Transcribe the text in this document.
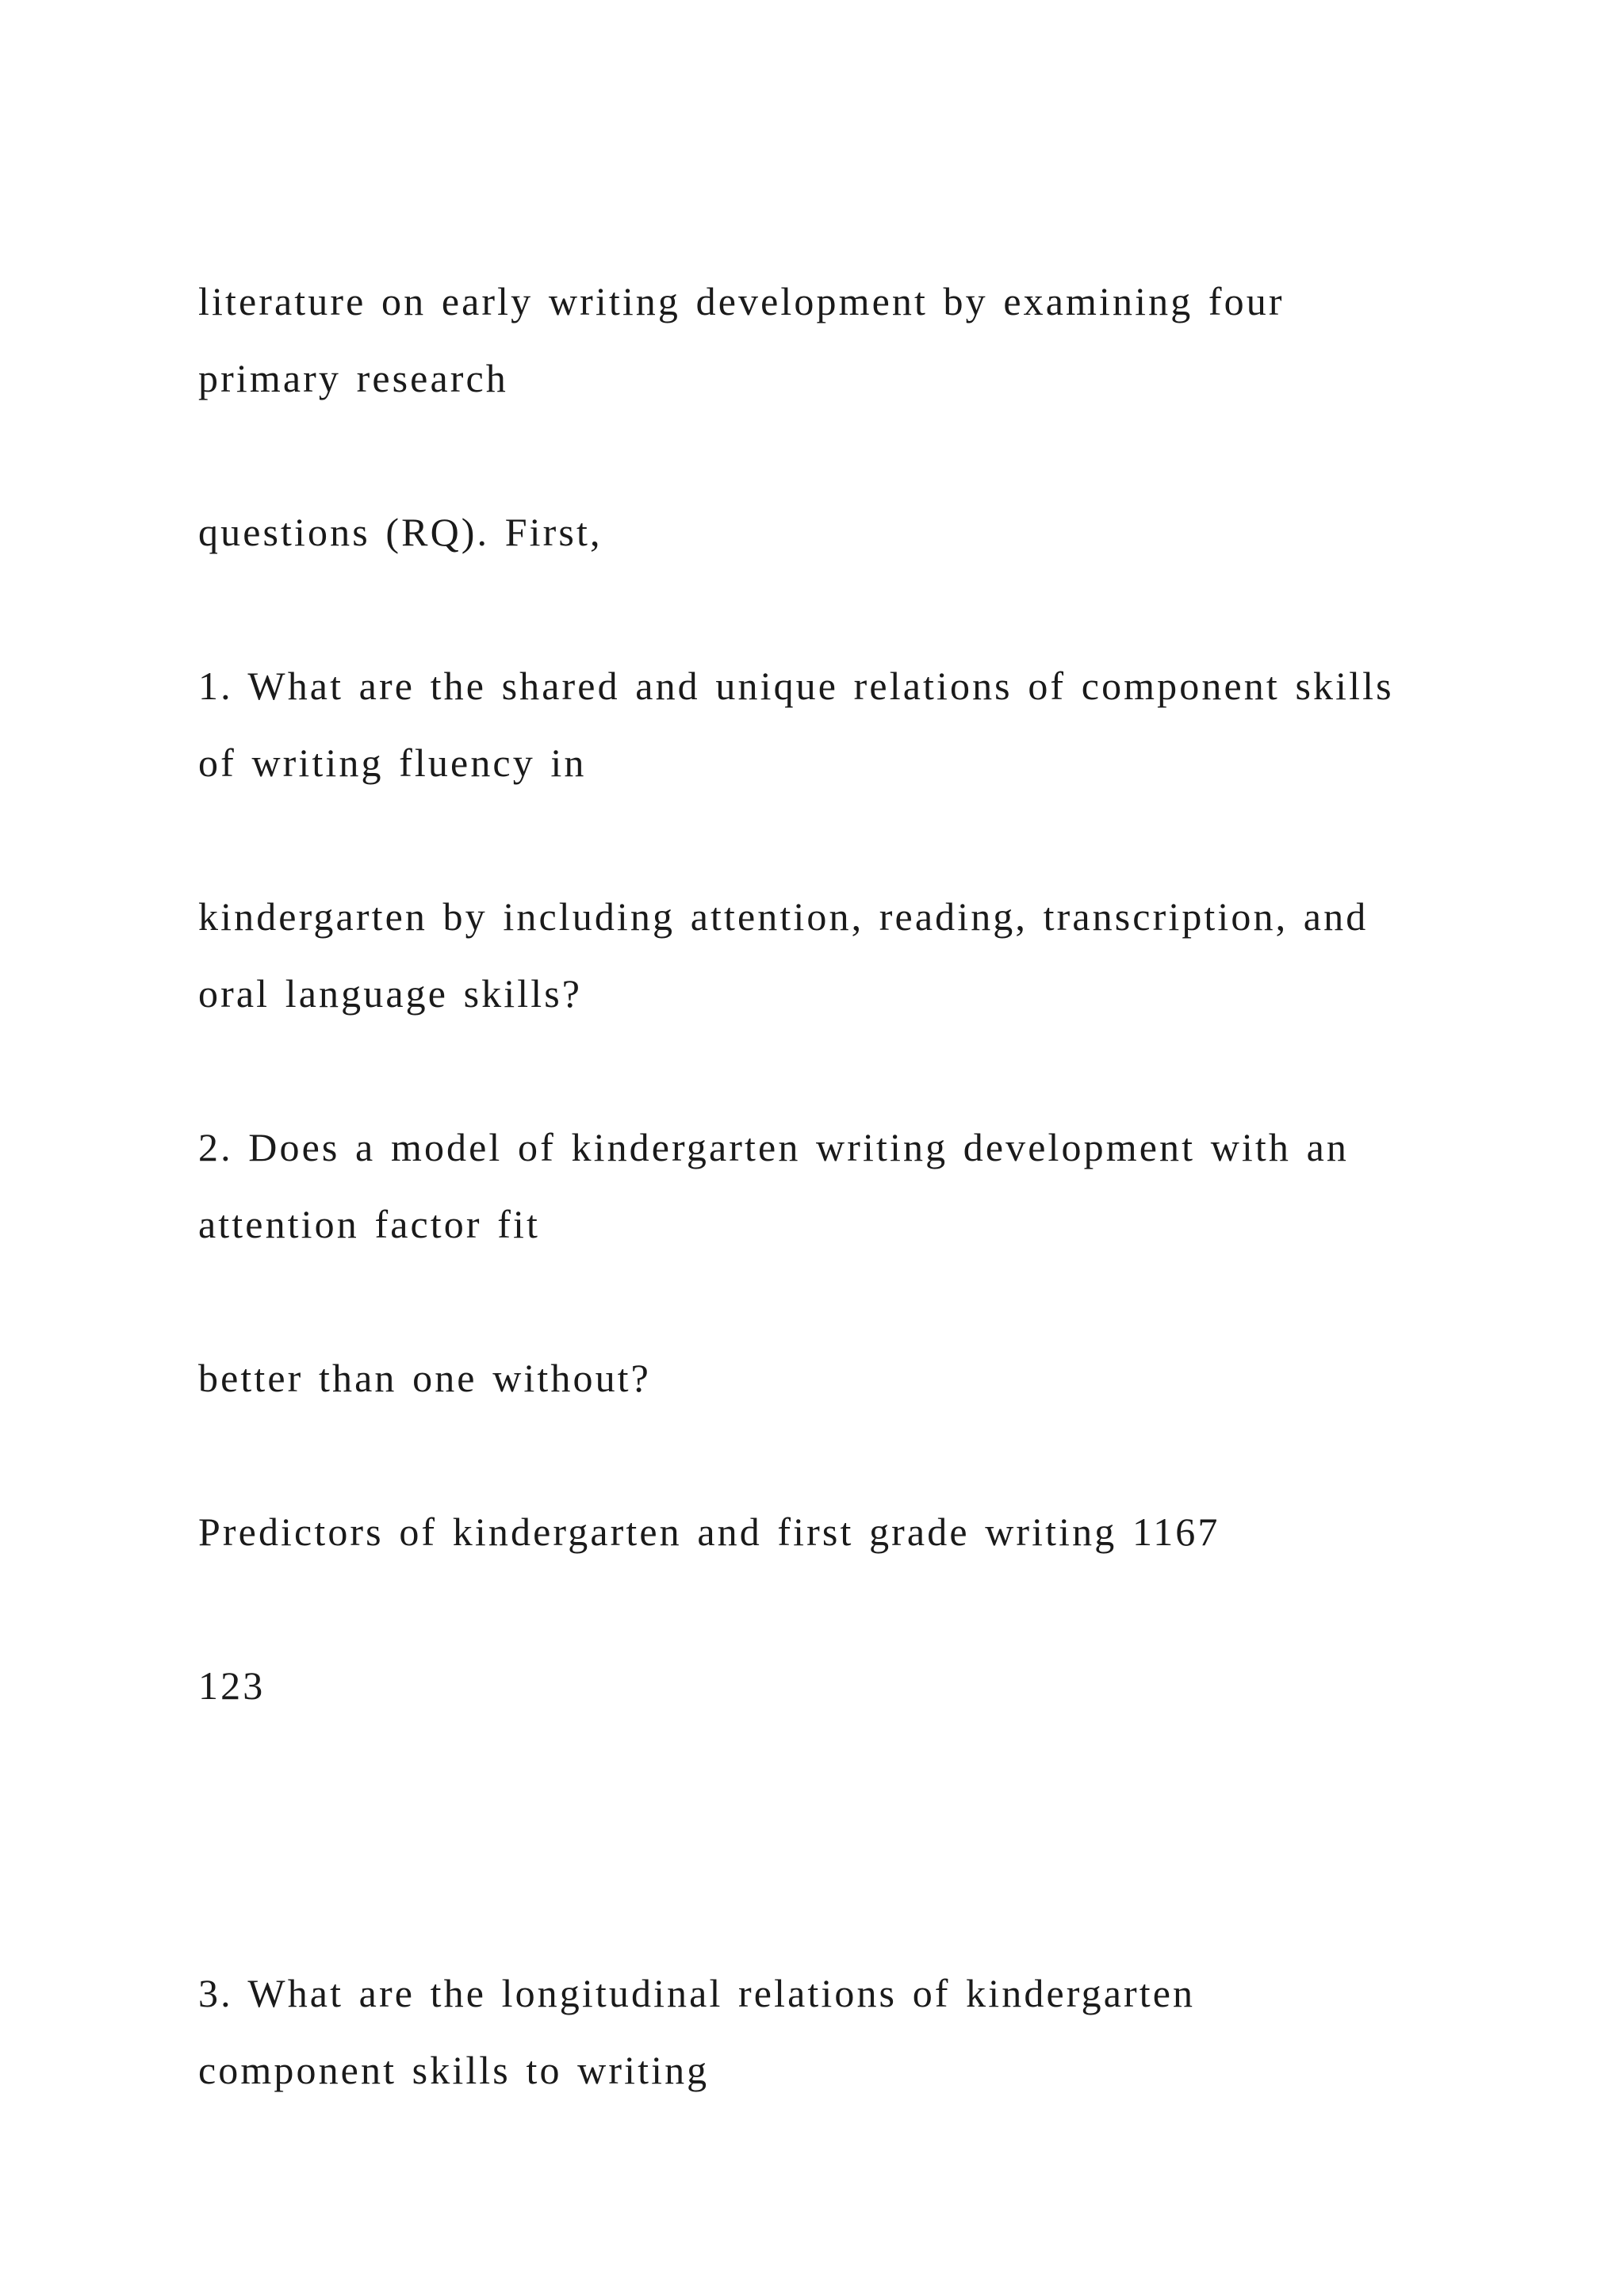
literature on early writing development by examining four

primary research

questions (RQ). First,

1. What are the shared and unique relations of component skills

of writing fluency in

kindergarten by including attention, reading, transcription, and

oral language skills?

2. Does a model of kindergarten writing development with an

attention factor fit

better than one without?

Predictors of kindergarten and first grade writing 1167

123

3. What are the longitudinal relations of kindergarten

component skills to writing
